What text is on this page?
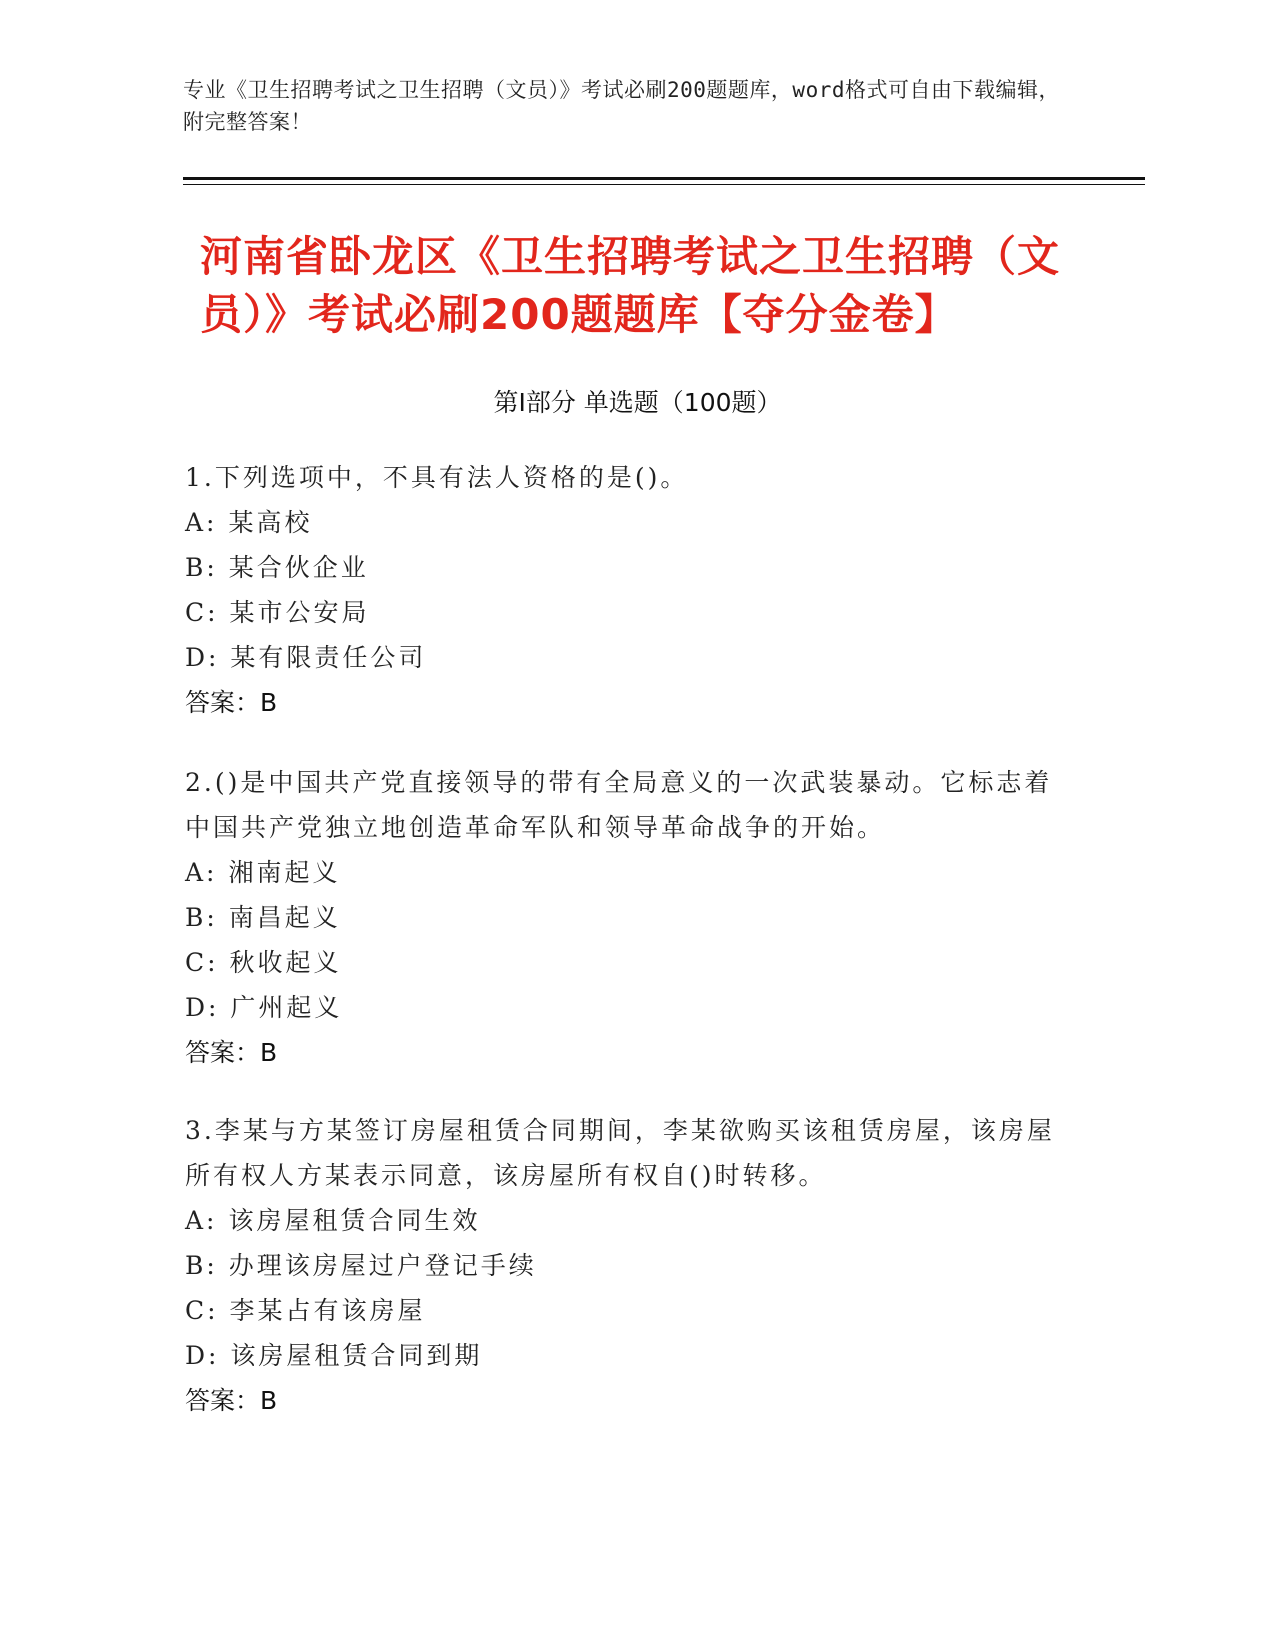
专业《卫生招聘考试之卫生招聘（文员）》考试必刷200题题库，word格式可自由下载编辑，附完整答案！
河南省卧龙区《卫生招聘考试之卫生招聘（文员）》考试必刷200题题库【夺分金卷】
第Ⅰ部分 单选题（100题）
1.下列选项中，不具有法人资格的是()。
A: 某高校
B: 某合伙企业
C: 某市公安局
D: 某有限责任公司
答案：B
2.()是中国共产党直接领导的带有全局意义的一次武装暴动。它标志着中国共产党独立地创造革命军队和领导革命战争的开始。
A: 湘南起义
B: 南昌起义
C: 秋收起义
D: 广州起义
答案：B
3.李某与方某签订房屋租赁合同期间，李某欲购买该租赁房屋，该房屋所有权人方某表示同意，该房屋所有权自()时转移。
A: 该房屋租赁合同生效
B: 办理该房屋过户登记手续
C: 李某占有该房屋
D: 该房屋租赁合同到期
答案：B
